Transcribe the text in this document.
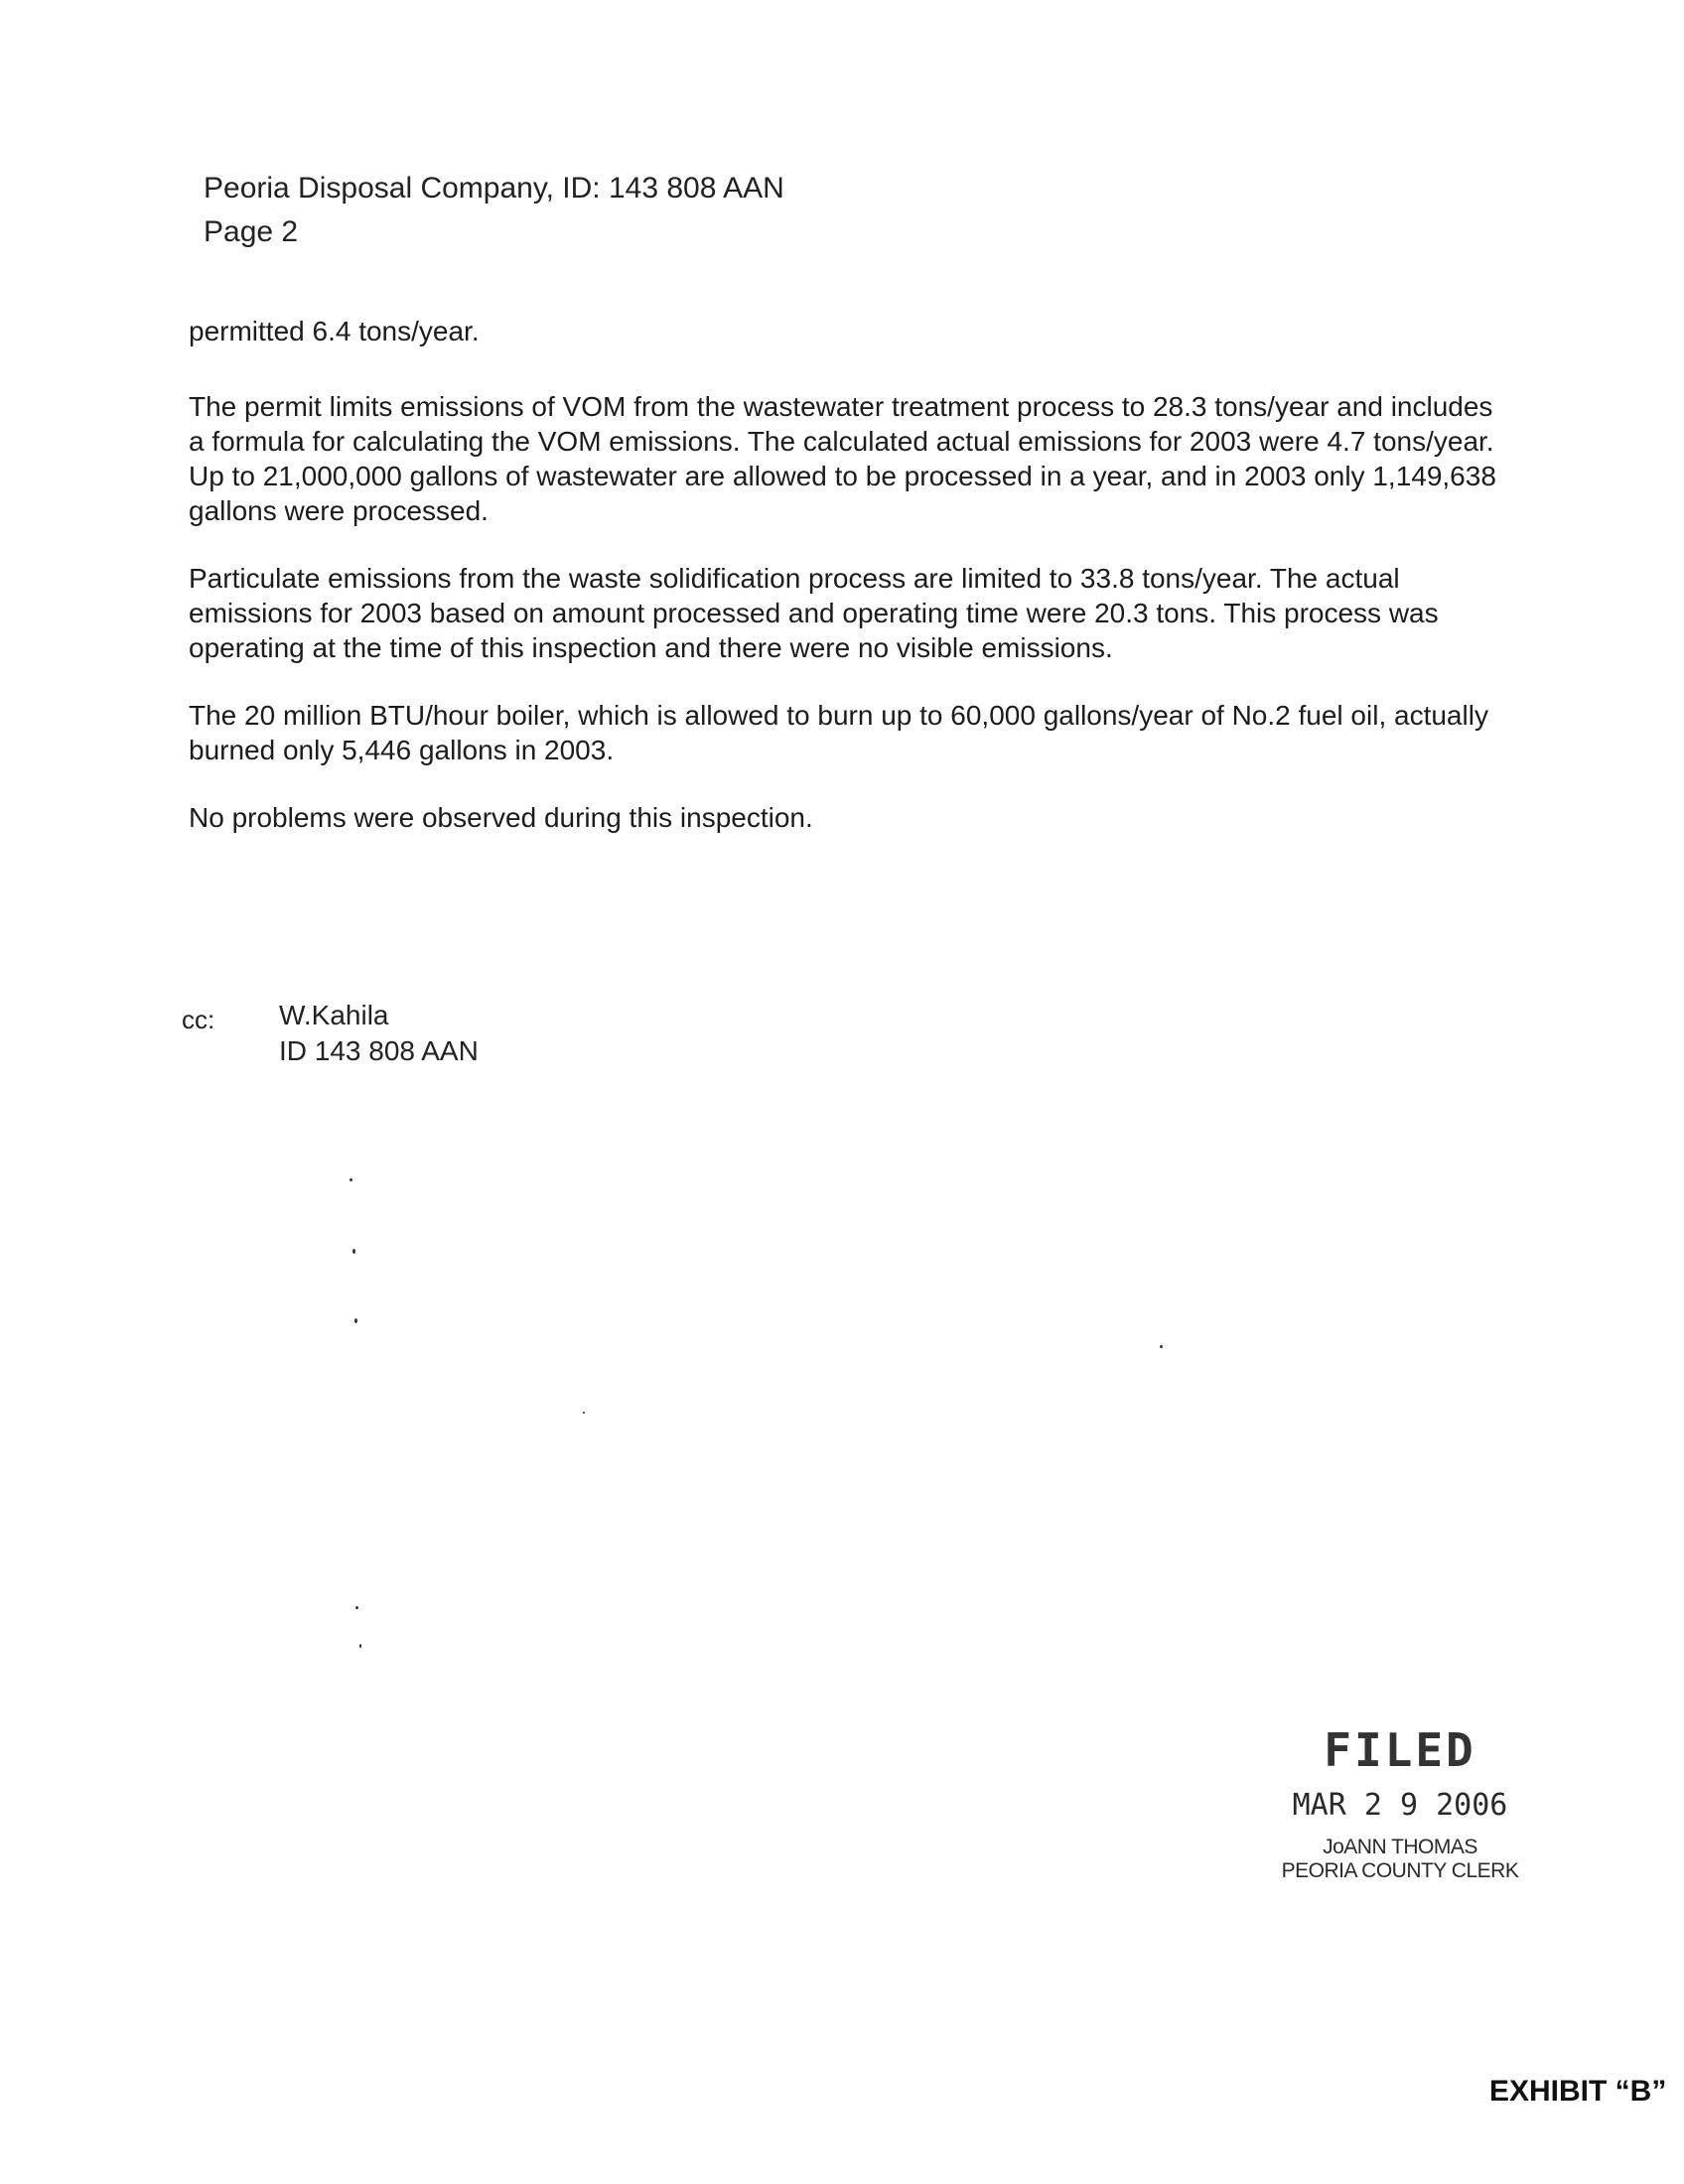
Peoria Disposal Company, ID: 143 808 AAN
Page 2

permitted 6.4 tons/year.

The permit limits emissions of VOM from the wastewater treatment process to 28.3 tons/year and includes a formula for calculating the VOM emissions. The calculated actual emissions for 2003 were 4.7 tons/year. Up to 21,000,000 gallons of wastewater are allowed to be processed in a year, and in 2003 only 1,149,638 gallons were processed.

Particulate emissions from the waste solidification process are limited to 33.8 tons/year. The actual emissions for 2003 based on amount processed and operating time were 20.3 tons. This process was operating at the time of this inspection and there were no visible emissions.

The 20 million BTU/hour boiler, which is allowed to burn up to 60,000 gallons/year of No.2 fuel oil, actually burned only 5,446 gallons in 2003.

No problems were observed during this inspection.

cc: W.Kahila
ID 143 808 AAN
FILED
MAR 2 9 2006
JoANN THOMAS
PEORIA COUNTY CLERK
EXHIBIT “B”
